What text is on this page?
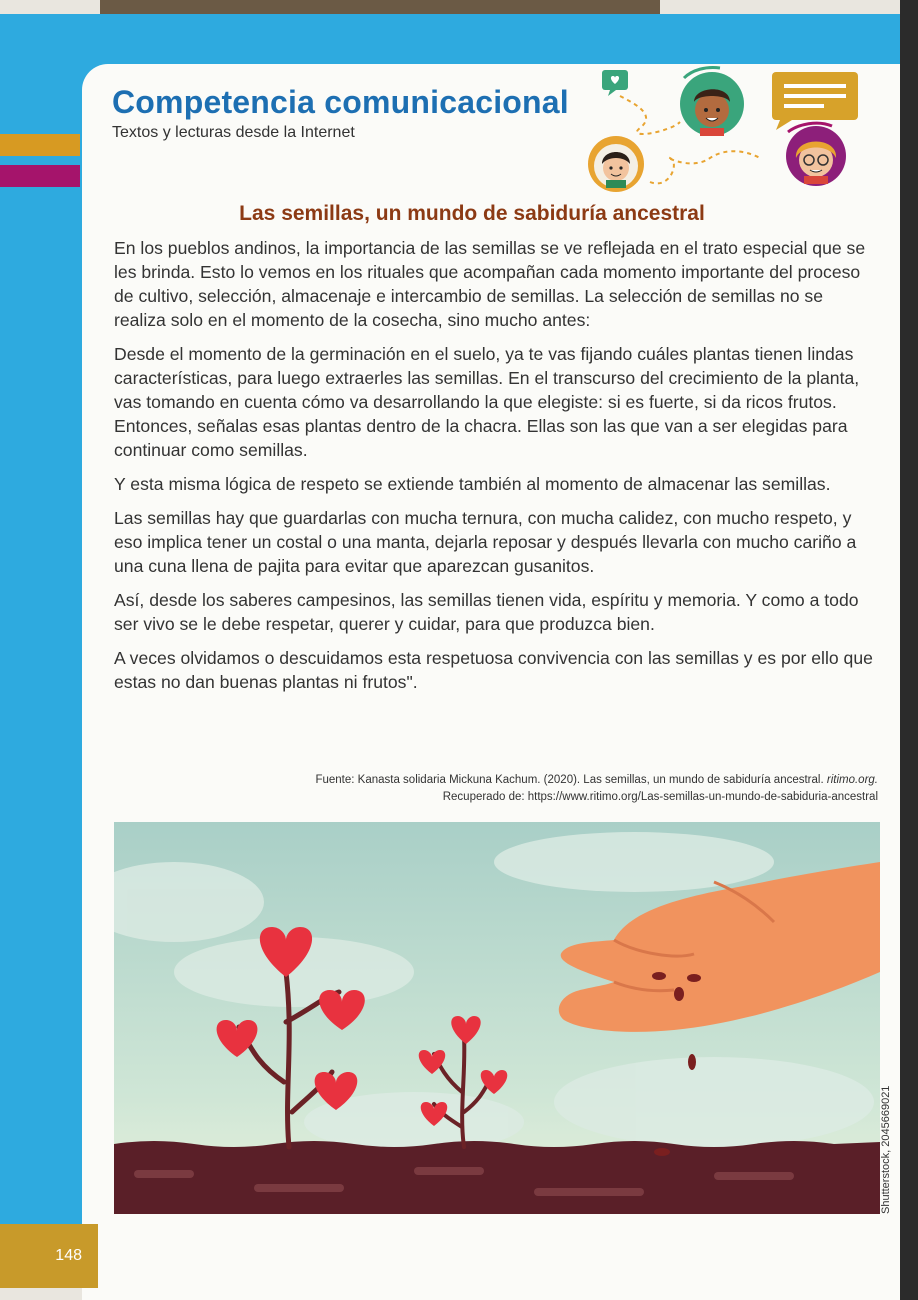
Competencia comunicacional

Textos y lecturas desde la Internet

Las semillas, un mundo de sabiduría ancestral

En los pueblos andinos, la importancia de las semillas se ve reflejada en el trato especial que se les brinda. Esto lo vemos en los rituales que acompañan cada momento importante del proceso de cultivo, selección, almacenaje e intercambio de semillas. La selección de semillas no se realiza solo en el momento de la cosecha, sino mucho antes:

Desde el momento de la germinación en el suelo, ya te vas fijando cuáles plantas tienen lindas características, para luego extraerles las semillas. En el transcurso del crecimiento de la planta, vas tomando en cuenta cómo va desarrollando la que elegiste: si es fuerte, si da ricos frutos. Entonces, señalas esas plantas dentro de la chacra. Ellas son las que van a ser elegidas para continuar como semillas.

Y esta misma lógica de respeto se extiende también al momento de almacenar las semillas.

Las semillas hay que guardarlas con mucha ternura, con mucha calidez, con mucho respeto, y eso implica tener un costal o una manta, dejarla reposar y después llevarla con mucho cariño a una cuna llena de pajita para evitar que aparezcan gusanitos.

Así, desde los saberes campesinos, las semillas tienen vida, espíritu y memoria. Y como a todo ser vivo se le debe respetar, querer y cuidar, para que produzca bien.

A veces olvidamos o descuidamos esta respetuosa convivencia con las semillas y es por ello que estas no dan buenas plantas ni frutos".

Fuente: Kanasta solidaria Mickuna Kachum. (2020). Las semillas, un mundo de sabiduría ancestral. ritimo.org.
Recuperado de: https://www.ritimo.org/Las-semillas-un-mundo-de-sabiduria-ancestral
Shutterstock, 2045669021
148
